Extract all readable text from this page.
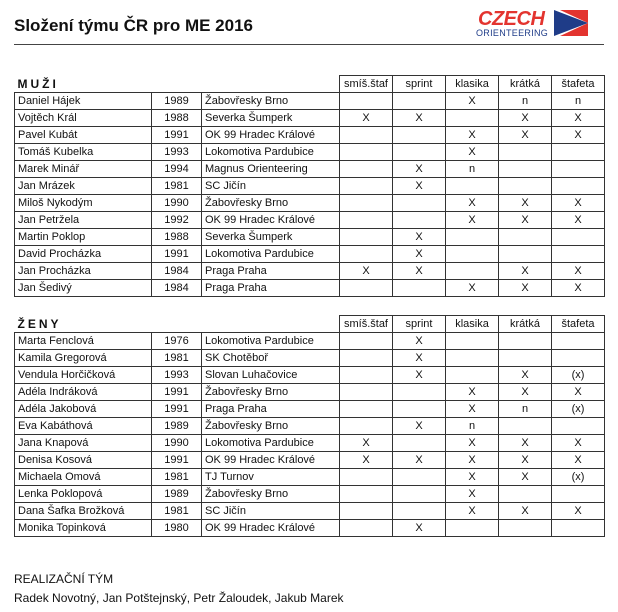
Složení týmu ČR pro ME 2016	CZECH
ORIENTEERING
MUŽI			smíš.štaf	sprint	klasika	krátká	štafeta
Daniel Hájek	1989	Žabovřesky Brno			X	n	n
Vojtěch Král	1988	Severka Šumperk	X	X		X	X
Pavel Kubát	1991	OK 99 Hradec Králové			X	X	X
Tomáš Kubelka	1993	Lokomotiva Pardubice			X		
Marek Minář	1994	Magnus Orienteering		X	n		
Jan Mrázek	1981	SC Jičín		X			
Miloš Nykodým	1990	Žabovřesky Brno			X	X	X
Jan Petržela	1992	OK 99 Hradec Králové			X	X	X
Martin Poklop	1988	Severka Šumperk		X			
David Procházka	1991	Lokomotiva Pardubice		X			
Jan Procházka	1984	Praga Praha	X	X		X	X
Jan Šedivý	1984	Praga Praha			X	X	X
ŽENY			smíš.štaf	sprint	klasika	krátká	štafeta
Marta Fenclová	1976	Lokomotiva Pardubice		X			
Kamila Gregorová	1981	SK Chotěboř		X			
Vendula Horčičková	1993	Slovan Luhačovice		X		X	(x)
Adéla Indráková	1991	Žabovřesky Brno			X	X	X
Adéla Jakobová	1991	Praga Praha			X	n	(x)
Eva Kabáthová	1989	Žabovřesky Brno		X	n		
Jana Knapová	1990	Lokomotiva Pardubice	X		X	X	X
Denisa Kosová	1991	OK 99 Hradec Králové	X	X	X	X	X
Michaela Omová	1981	TJ Turnov			X	X	(x)
Lenka Poklopová	1989	Žabovřesky Brno			X		
Dana Šafka Brožková	1981	SC Jičín			X	X	X
Monika Topinková	1980	OK 99 Hradec Králové		X			
REALIZAČNÍ TÝM
Radek Novotný, Jan Potštejnský, Petr Žaloudek, Jakub Marek
